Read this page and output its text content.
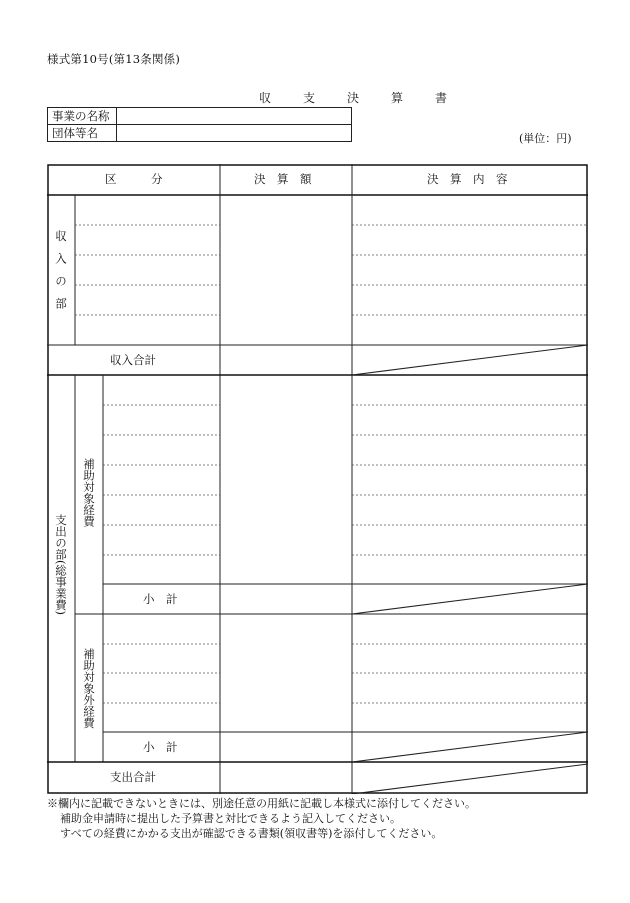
様式第10号(第13条関係)
収　支　決　算　書
事業の名称	
団体等名		(単位：円)
区　　　分	決　算　額	決　算　内　容
収入の部
収入合計
支出の部(総事業費)
補助対象経費
小　計
補助対象外経費
小　計
支出合計
※欄内に記載できないときには、別途任意の用紙に記載し本様式に添付してください。
補助金申請時に提出した予算書と対比できるよう記入してください。
すべての経費にかかる支出が確認できる書類(領収書等)を添付してください。
